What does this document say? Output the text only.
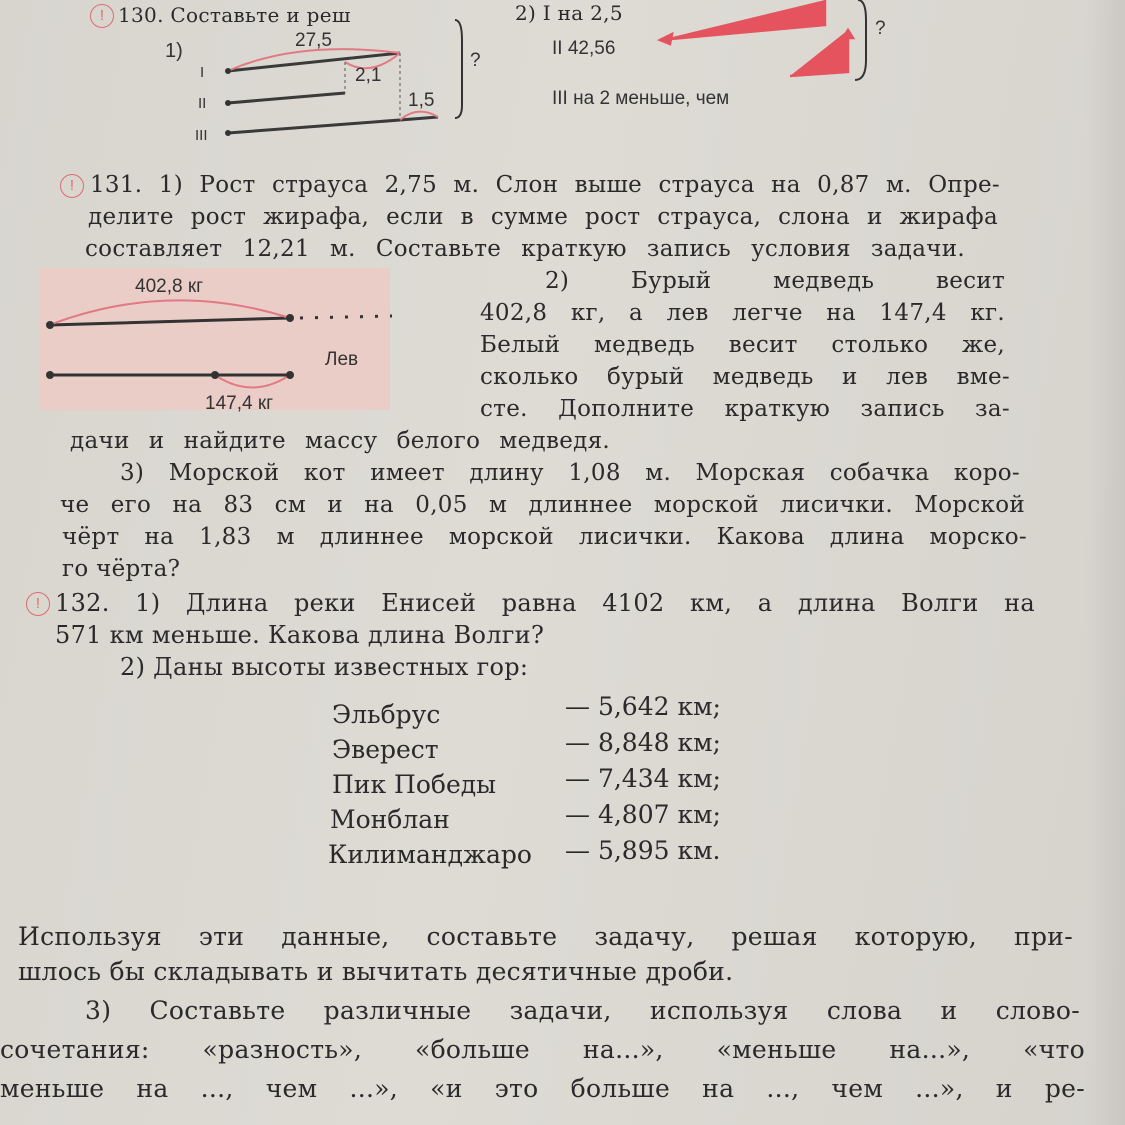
! 130. Составьте и реш	2) I на 2,5
1)	27,5
I	2,1
?
II	1,5
III
II 42,56
III на 2 меньше, чем
?
! 131. 1) Рост страуса 2,75 м. Слон выше страуса на 0,87 м. Опре-
делите рост жирафа, если в сумме рост страуса, слона и жирафа
составляет 12,21 м. Составьте краткую запись условия задачи.
402,8 кг
Лев
147,4 кг
2) Бурый медведь весит
402,8 кг, а лев легче на 147,4 кг.
Белый медведь весит столько же,
сколько бурый медведь и лев вме-
сте. Дополните краткую запись за-
дачи и найдите массу белого медведя.
3) Морской кот имеет длину 1,08 м. Морская собачка коро-
че его на 83 см и на 0,05 м длиннее морской лисички. Морской
чёрт на 1,83 м длиннее морской лисички. Какова длина морско-
го чёрта?
! 132. 1) Длина реки Енисей равна 4102 км, а длина Волги на
571 км меньше. Какова длина Волги?
2) Даны высоты известных гор:
Эльбрус	— 5,642 км;
Эверест	— 8,848 км;
Пик Победы	— 7,434 км;
Монблан	— 4,807 км;
Килиманджаро — 5,895 км.
Используя эти данные, составьте задачу, решая которую, при-
шлось бы складывать и вычитать десятичные дроби.
3) Составьте различные задачи, используя слова и слово-
сочетания: «разность», «больше на...», «меньше на...», «что
меньше на ..., чем ...», «и это больше на ..., чем ...», и ре-
